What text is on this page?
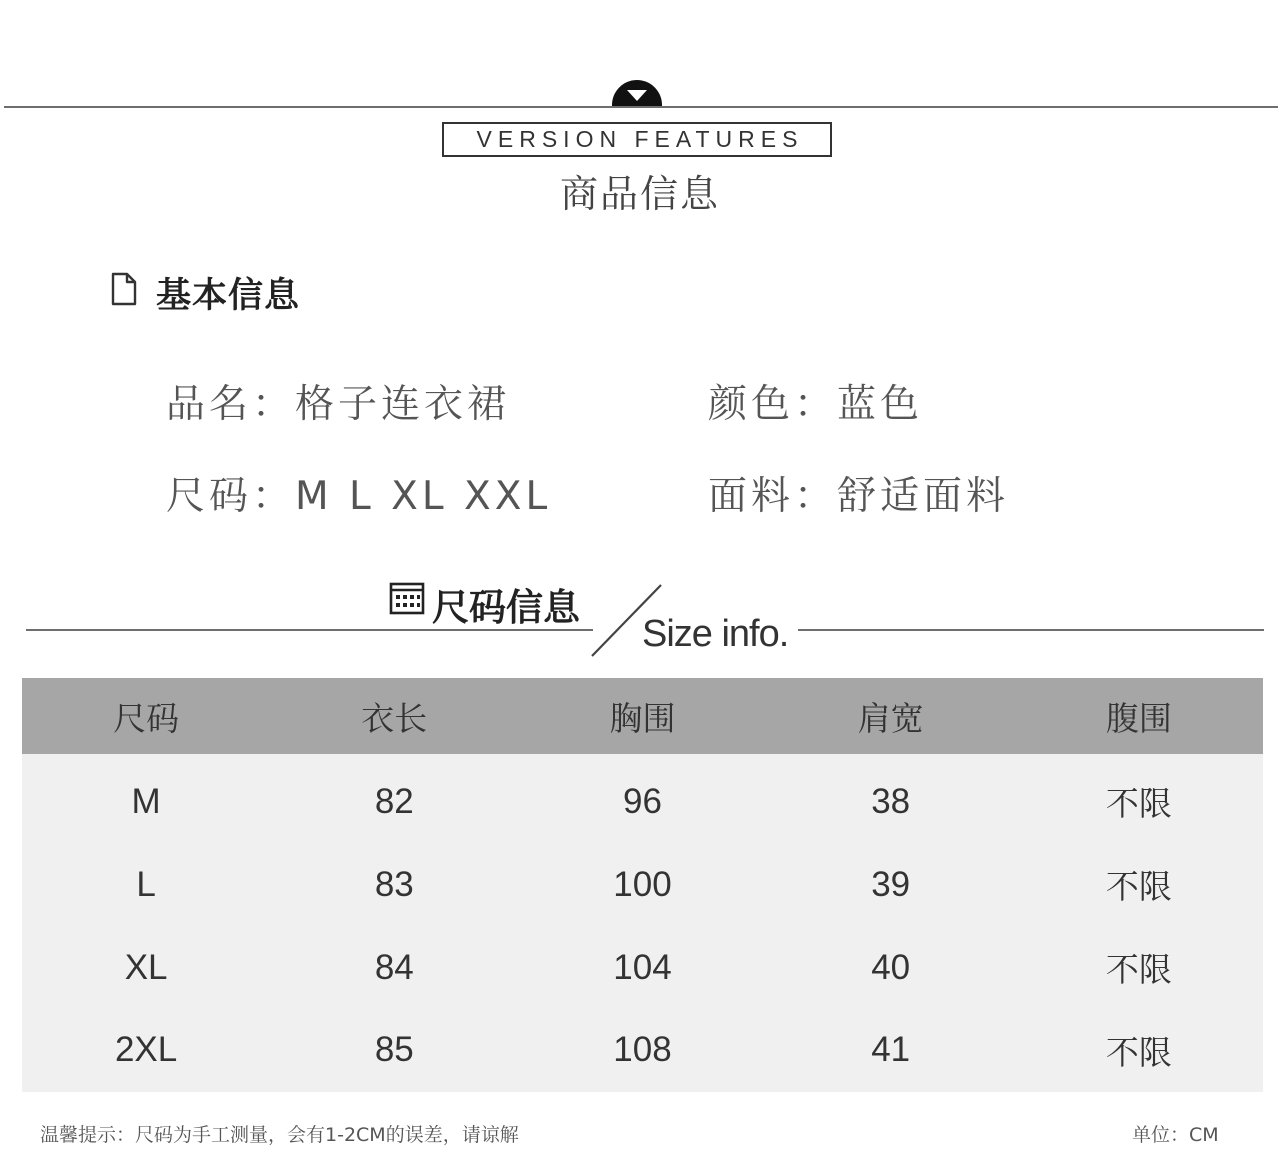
VERSION FEATURES
商品信息
基本信息
品名：格子连衣裙	颜色：蓝色
尺码：M L XL XXL	面料：舒适面料
尺码信息
Size info.
尺码	衣长	胸围	肩宽	腹围
M	82	96	38	不限
L	83	100	39	不限
XL	84	104	40	不限
2XL	85	108	41	不限
温馨提示：尺码为手工测量，会有1-2CM的误差，请谅解	单位：CM
